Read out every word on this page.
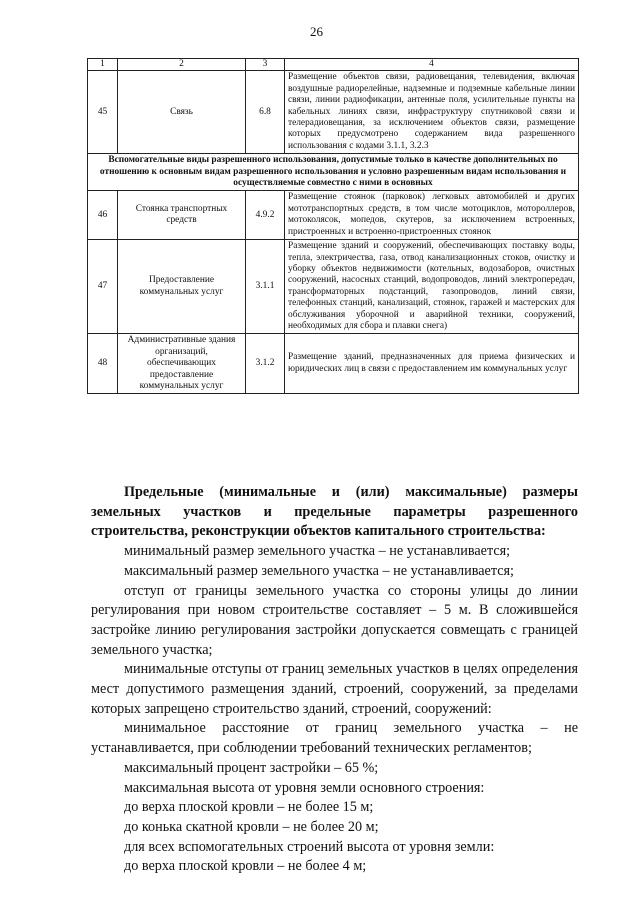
26
1	2	3	4
45	Связь	6.8	Размещение объектов связи, радиовещания, телевидения, включая воздушные радиорелейные, надземные и подземные кабельные линии связи, линии радиофикации, антенные поля, усилительные пункты на кабельных линиях связи, инфраструктуру спутниковой связи и телерадиовещания, за исключением объектов связи, размещение которых предусмотрено содержанием вида разрешенного использования с кодами 3.1.1, 3.2.3
Вспомогательные виды разрешенного использования, допустимые только в качестве дополнительных по отношению к основным видам разрешенного использования и условно разрешенным видам использования и осуществляемые совместно с ними в основных			
46	Стоянка транспортных средств	4.9.2	Размещение стоянок (парковок) легковых автомобилей и других мототранспортных средств, в том числе мотоциклов, мотороллеров, мотоколясок, мопедов, скутеров, за исключением встроенных, пристроенных и встроенно-пристроенных стоянок
47	Предоставление коммунальных услуг	3.1.1	Размещение зданий и сооружений, обеспечивающих поставку воды, тепла, электричества, газа, отвод канализационных стоков, очистку и уборку объектов недвижимости (котельных, водозаборов, очистных сооружений, насосных станций, водопроводов, линий электропередач, трансформаторных подстанций, газопроводов, линий связи, телефонных станций, канализаций, стоянок, гаражей и мастерских для обслуживания уборочной и аварийной техники, сооружений, необходимых для сбора и плавки снега)
48	Административные здания организаций, обеспечивающих предоставление коммунальных услуг	3.1.2	Размещение зданий, предназначенных для приема физических и юридических лиц в связи с предоставлением им коммунальных услуг

Предельные (минимальные и (или) максимальные) размеры земельных участков и предельные параметры разрешенного строительства, реконструкции объектов капитального строительства:

минимальный размер земельного участка – не устанавливается;

максимальный размер земельного участка – не устанавливается;

отступ от границы земельного участка со стороны улицы до линии регулирования при новом строительстве составляет – 5 м. В сложившейся застройке линию регулирования застройки допускается совмещать с границей земельного участка;

минимальные отступы от границ земельных участков в целях определения мест допустимого размещения зданий, строений, сооружений, за пределами которых запрещено строительство зданий, строений, сооружений:

минимальное расстояние от границ земельного участка – не устанавливается, при соблюдении требований технических регламентов;

максимальный процент застройки – 65 %;

максимальная высота от уровня земли основного строения:

до верха плоской кровли – не более 15 м;

до конька скатной кровли – не более 20 м;

для всех вспомогательных строений высота от уровня земли:

до верха плоской кровли – не более 4 м;
